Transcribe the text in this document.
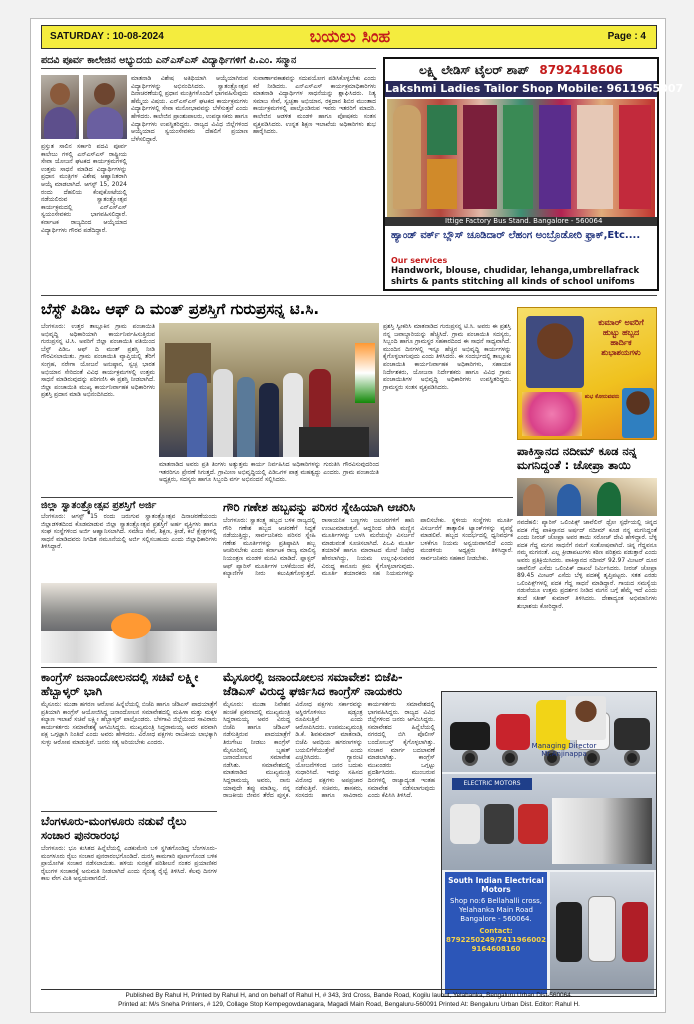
SATURDAY : 10-08-2024	ಬಯಲು ಸಿಂಹ	Page : 4
ಪದವಿ ಪೂರ್ವ ಕಾಲೇಜಿನ ಅಭ್ಯುದಯ ಎನ್‌ಎಸ್‌ಎಸ್‌ ವಿದ್ಯಾರ್ಥಿಗಳಿಗೆ ಪಿ.ಎಂ. ಸನ್ಮಾನ
ಪ್ರಸ್ತುತ ಸಾಲಿನ ಸರ್ಕಾರಿ ಪದವಿ ಪೂರ್ವ ಕಾಲೇಜು ಗಳಲ್ಲಿ ಎನ್‌ಎಸ್‌ಎಸ್‌ ರಾಷ್ಟ್ರೀಯ ಸೇವಾ ಯೋಜನೆ ಘಟಕದ ಕಾರ್ಯಕ್ರಮಗಳಲ್ಲಿ ಉತ್ತಮ ಸಾಧನೆ ಮಾಡಿದ ವಿದ್ಯಾರ್ಥಿಗಳನ್ನು ಪ್ರಧಾನ ಮಂತ್ರಿಗಳ ವಿಶೇಷ ಆಹ್ವಾನಿತರಾಗಿ ಆಯ್ಕೆ ಮಾಡಲಾಗಿದೆ. ಆಗಸ್ಟ್ 15, 2024 ರಂದು ದೆಹಲಿಯ ಕೆಂಪುಕೋಟೆಯಲ್ಲಿ ನಡೆಯಲಿರುವ ಸ್ವಾತಂತ್ರ್ಯೋತ್ಸವ ಕಾರ್ಯಕ್ರಮದಲ್ಲಿ ಎನ್‌ಎಸ್‌ಎಸ್‌ ಸ್ವಯಂಸೇವಕರು ಭಾಗವಹಿಸಲಿದ್ದಾರೆ. ಕರ್ನಾಟಕ ರಾಜ್ಯದಿಂದ ಆಯ್ಕೆಯಾದ ವಿದ್ಯಾರ್ಥಿಗಳು ಗೌರವ ಪಡೆದಿದ್ದಾರೆ.
ಮಾತನಾಡಿ ವಿಶೇಷ ಅತಿಥಿಯಾಗಿ ಆಯ್ಕೆಯಾಗಿರುವ ವಿದ್ಯಾರ್ಥಿಗಳನ್ನು ಅಭಿನಂದಿಸಿದರು. ಸ್ವಾತಂತ್ರ್ಯೋತ್ಸವ ದಿನಾಚರಣೆಯಲ್ಲಿ ಪ್ರಧಾನ ಮಂತ್ರಿಗಳೊಂದಿಗೆ ಭಾಗವಹಿಸುವುದು ಹೆಮ್ಮೆಯ ವಿಷಯ. ಎನ್‌ಎಸ್‌ಎಸ್‌ ಘಟಕದ ಕಾರ್ಯಕ್ರಮಗಳು ವಿದ್ಯಾರ್ಥಿಗಳಲ್ಲಿ ಸೇವಾ ಮನೋಭಾವವನ್ನು ಬೆಳೆಸುತ್ತವೆ ಎಂದು ಹೇಳಿದರು. ಕಾಲೇಜಿನ ಪ್ರಾಂಶುಪಾಲರು, ಉಪನ್ಯಾಸಕರು ಹಾಗೂ ವಿದ್ಯಾರ್ಥಿಗಳು ಉಪಸ್ಥಿತರಿದ್ದರು. ರಾಜ್ಯದ ವಿವಿಧ ಜಿಲ್ಲೆಗಳಿಂದ ಆಯ್ಕೆಯಾದ ಸ್ವಯಂಸೇವಕರು ದೆಹಲಿಗೆ ಪ್ರಯಾಣ ಬೆಳೆಸಲಿದ್ದಾರೆ.
ಸುವಾರ್ಣಾವಕಾಶವನ್ನು ಸದುಪಯೋಗ ಪಡಿಸಿಕೊಳ್ಳಬೇಕು ಎಂದು ಕರೆ ನೀಡಿದರು. ಎನ್‌ಎಸ್‌ಎಸ್‌ ಕಾರ್ಯಕ್ರಮಾಧಿಕಾರಿಗಳು ಮಾತನಾಡಿ ವಿದ್ಯಾರ್ಥಿಗಳ ಸಾಧನೆಯನ್ನು ಶ್ಲಾಘಿಸಿದರು. ನಿತ್ಯ ಸಮಾಜ ಸೇವೆ, ಸ್ವಚ್ಛತಾ ಅಭಿಯಾನ, ರಕ್ತದಾನ ಶಿಬಿರ ಮುಂತಾದ ಕಾರ್ಯಕ್ರಮಗಳಲ್ಲಿ ಪಾಲ್ಗೊಂಡಿರುವ ಇವರು ಇತರರಿಗೆ ಮಾದರಿ. ಕಾಲೇಜಿನ ಆಡಳಿತ ಮಂಡಳಿ ಹಾಗೂ ಪೋಷಕರು ಸಂತಸ ವ್ಯಕ್ತಪಡಿಸಿದರು. ಉನ್ನತ ಶಿಕ್ಷಣ ಇಲಾಖೆಯ ಅಧಿಕಾರಿಗಳು ಶುಭ ಹಾರೈಸಿದರು.
ಲಕ್ಷ್ಮಿ ಲೇಡಿಸ್ ಟೈಲರ್ ಶಾಪ್ 8792418606
Lakshmi Ladies Tailor Shop Mobile: 9611965007
Ittige Factory Bus Stand. Bangalore - 560064
ಹ್ಯಾಂಡ್ ವರ್ಕ್ ಬ್ಲೌಸ್ ಚೂಡಿದಾರ್ ಲೆಹಂಗ ಅಂಬ್ರೊಡೋರಿ ಫ್ರಾಕ್,Etc....
Our services
Handwork, blouse, chudidar, lehanga,umbrellafrack
shirts & pants stitching all kinds of school unifoms
ಬೆಸ್ಟ್ ಪಿಡಿಒ ಆಫ್ ದಿ ಮಂತ್ ಪ್ರಶಸ್ತಿಗೆ ಗುರುಪ್ರಸನ್ನ ಟಿ.ಸಿ.
ಬೆಂಗಳೂರು: ಉತ್ತರ ತಾಲ್ಲೂಕಿನ ಗ್ರಾಮ ಪಂಚಾಯಿತಿ ಅಭಿವೃದ್ಧಿ ಅಧಿಕಾರಿಯಾಗಿ ಕಾರ್ಯನಿರ್ವಹಿಸುತ್ತಿರುವ ಗುರುಪ್ರಸನ್ನ ಟಿ.ಸಿ. ಅವರಿಗೆ ಜಿಲ್ಲಾ ಪಂಚಾಯಿತಿ ವತಿಯಿಂದ ಬೆಸ್ಟ್ ಪಿಡಿಒ ಆಫ್ ದಿ ಮಂತ್ ಪ್ರಶಸ್ತಿ ನೀಡಿ ಗೌರವಿಸಲಾಯಿತು. ಗ್ರಾಮ ಪಂಚಾಯಿತಿ ವ್ಯಾಪ್ತಿಯಲ್ಲಿ ತೆರಿಗೆ ಸಂಗ್ರಹ, ನರೇಗಾ ಯೋಜನೆ ಅನುಷ್ಠಾನ, ಸ್ವಚ್ಛ ಭಾರತ ಅಭಿಯಾನ ಸೇರಿದಂತೆ ವಿವಿಧ ಕಾರ್ಯಕ್ರಮಗಳಲ್ಲಿ ಉತ್ತಮ ಸಾಧನೆ ಮಾಡಿರುವುದನ್ನು ಪರಿಗಣಿಸಿ ಈ ಪ್ರಶಸ್ತಿ ನೀಡಲಾಗಿದೆ. ಜಿಲ್ಲಾ ಪಂಚಾಯಿತಿ ಮುಖ್ಯ ಕಾರ್ಯನಿರ್ವಾಹಕ ಅಧಿಕಾರಿಗಳು ಪ್ರಶಸ್ತಿ ಪ್ರದಾನ ಮಾಡಿ ಅಭಿನಂದಿಸಿದರು.
ಮಾತನಾಡಿದ ಅವರು ಪ್ರತಿ ತಿಂಗಳು ಅತ್ಯುತ್ತಮ ಕಾರ್ಯ ನಿರ್ವಹಿಸಿದ ಅಧಿಕಾರಿಗಳನ್ನು ಗುರುತಿಸಿ ಗೌರವಿಸುವುದರಿಂದ ಇತರರಿಗೂ ಪ್ರೇರಣೆ ಸಿಗುತ್ತದೆ. ಗ್ರಾಮೀಣ ಅಭಿವೃದ್ಧಿಯಲ್ಲಿ ಪಿಡಿಒಗಳ ಪಾತ್ರ ಮಹತ್ವದ್ದು ಎಂದರು. ಗ್ರಾಮ ಪಂಚಾಯಿತಿ ಅಧ್ಯಕ್ಷರು, ಸದಸ್ಯರು ಹಾಗೂ ಸಿಬ್ಬಂದಿ ವರ್ಗ ಅಭಿನಂದನೆ ಸಲ್ಲಿಸಿದರು.
ಪ್ರಶಸ್ತಿ ಸ್ವೀಕರಿಸಿ ಮಾತನಾಡಿದ ಗುರುಪ್ರಸನ್ನ ಟಿ.ಸಿ. ಅವರು ಈ ಪ್ರಶಸ್ತಿ ನನ್ನ ಜವಾಬ್ದಾರಿಯನ್ನು ಹೆಚ್ಚಿಸಿದೆ. ಗ್ರಾಮ ಪಂಚಾಯಿತಿ ಸದಸ್ಯರು, ಸಿಬ್ಬಂದಿ ಹಾಗೂ ಗ್ರಾಮಸ್ಥರ ಸಹಕಾರದಿಂದ ಈ ಸಾಧನೆ ಸಾಧ್ಯವಾಗಿದೆ. ಮುಂದಿನ ದಿನಗಳಲ್ಲಿ ಇನ್ನೂ ಹೆಚ್ಚಿನ ಅಭಿವೃದ್ಧಿ ಕಾರ್ಯಗಳನ್ನು ಕೈಗೊಳ್ಳಲಾಗುವುದು ಎಂದು ತಿಳಿಸಿದರು. ಈ ಸಂದರ್ಭದಲ್ಲಿ ತಾಲ್ಲೂಕು ಪಂಚಾಯಿತಿ ಕಾರ್ಯನಿರ್ವಾಹಕ ಅಧಿಕಾರಿಗಳು, ಸಹಾಯಕ ನಿರ್ದೇಶಕರು, ಯೋಜನಾ ನಿರ್ದೇಶಕರು ಹಾಗೂ ವಿವಿಧ ಗ್ರಾಮ ಪಂಚಾಯಿತಿಗಳ ಅಭಿವೃದ್ಧಿ ಅಧಿಕಾರಿಗಳು ಉಪಸ್ಥಿತರಿದ್ದರು. ಗ್ರಾಮಸ್ಥರು ಸಂತಸ ವ್ಯಕ್ತಪಡಿಸಿದರು.
ಕುಮಾರ್ ಅವರಿಗೆ
ಹುಟ್ಟು ಹಬ್ಬದ
ಹಾರ್ದಿಕ
ಶುಭಾಶಯಗಳು
ಶುಭ ಕೋರುವವರು
ಪಾಕಿಸ್ತಾನದ ನದೀಮ್ ಕೂಡ ನನ್ನ ಮಗನಿದ್ದಂತೆ : ಚೋಪ್ರಾ ತಾಯಿ
ನವದೆಹಲಿ: ಪ್ಯಾರಿಸ್ ಒಲಿಂಪಿಕ್ಸ್ ಜಾವೆಲಿನ್ ಥ್ರೋ ಸ್ಪರ್ಧೆಯಲ್ಲಿ ಚಿನ್ನದ ಪದಕ ಗೆದ್ದ ಪಾಕಿಸ್ತಾನದ ಅರ್ಷದ್ ನದೀಮ್ ಕೂಡ ನನ್ನ ಮಗನಿದ್ದಂತೆ ಎಂದು ನೀರಜ್ ಚೋಪ್ರಾ ಅವರ ತಾಯಿ ಸರೋಜ್ ದೇವಿ ಹೇಳಿದ್ದಾರೆ. ಬೆಳ್ಳಿ ಪದಕ ಗೆದ್ದ ಮಗನ ಸಾಧನೆಗೆ ನಮಗೆ ಸಂತೋಷವಾಗಿದೆ. ಚಿನ್ನ ಗೆದ್ದವನೂ ನಮ್ಮ ಮಗನಂತೆ. ಎಲ್ಲ ಕ್ರೀಡಾಪಟುಗಳು ಕಠಿಣ ಪರಿಶ್ರಮ ಪಡುತ್ತಾರೆ ಎಂದು ಅವರು ಪ್ರತಿಕ್ರಿಯಿಸಿದರು. ಪಾಕಿಸ್ತಾನದ ನದೀಮ್ 92.97 ಮೀಟರ್ ದೂರ ಜಾವೆಲಿನ್ ಎಸೆದು ಒಲಿಂಪಿಕ್ ದಾಖಲೆ ನಿರ್ಮಿಸಿದರು. ನೀರಜ್ ಚೋಪ್ರಾ 89.45 ಮೀಟರ್ ಎಸೆದು ಬೆಳ್ಳಿ ಪದಕಕ್ಕೆ ತೃಪ್ತಿಪಟ್ಟರು. ಸತತ ಎರಡು ಒಲಿಂಪಿಕ್ಸ್‌ಗಳಲ್ಲಿ ಪದಕ ಗೆದ್ದ ಸಾಧನೆ ಮಾಡಿದ್ದಾರೆ. ಗಾಯದ ಸಮಸ್ಯೆಯ ನಡುವೆಯೂ ಉತ್ತಮ ಪ್ರದರ್ಶನ ನೀಡಿದ ಮಗನ ಬಗ್ಗೆ ಹೆಮ್ಮೆ ಇದೆ ಎಂದು ತಂದೆ ಸತೀಶ್ ಕುಮಾರ್ ತಿಳಿಸಿದರು. ದೇಶಾದ್ಯಂತ ಅಭಿಮಾನಿಗಳು ಶುಭಾಶಯ ಕೋರಿದ್ದಾರೆ.
ಜಿಲ್ಲಾ ಸ್ವಾತಂತ್ರ್ಯೋತ್ಸವ ಪ್ರಶಸ್ತಿಗೆ ಅರ್ಜಿ
ಬೆಂಗಳೂರು: ಆಗಸ್ಟ್ 15 ರಂದು ಜರುಗುವ ಸ್ವಾತಂತ್ರ್ಯೋತ್ಸವ ದಿನಾಚರಣೆಯಂದು ಜಿಲ್ಲಾಡಳಿತದಿಂದ ಕೊಡಮಾಡುವ ಜಿಲ್ಲಾ ಸ್ವಾತಂತ್ರ್ಯೋತ್ಸವ ಪ್ರಶಸ್ತಿಗೆ ಅರ್ಹ ವ್ಯಕ್ತಿಗಳು ಹಾಗೂ ಸಂಘ ಸಂಸ್ಥೆಗಳಿಂದ ಅರ್ಜಿ ಆಹ್ವಾನಿಸಲಾಗಿದೆ. ಸಮಾಜ ಸೇವೆ, ಶಿಕ್ಷಣ, ಕ್ರೀಡೆ, ಕಲೆ ಕ್ಷೇತ್ರಗಳಲ್ಲಿ ಸಾಧನೆ ಮಾಡಿದವರು ನಿಗದಿತ ನಮೂನೆಯಲ್ಲಿ ಅರ್ಜಿ ಸಲ್ಲಿಸಬಹುದು ಎಂದು ಜಿಲ್ಲಾಧಿಕಾರಿಗಳು ತಿಳಿಸಿದ್ದಾರೆ.
ಗೌರಿ ಗಣೇಶ ಹಬ್ಬವನ್ನು ಪರಿಸರ ಸ್ನೇಹಿಯಾಗಿ ಆಚರಿಸಿ
ಬೆಂಗಳೂರು: ಸ್ವಾತಂತ್ರ್ಯ ಹಬ್ಬದ ಬಳಿಕ ರಾಜ್ಯದಲ್ಲಿ ಗೌರಿ ಗಣೇಶ ಹಬ್ಬದ ಆಚರಣೆಗೆ ಸಿದ್ಧತೆ ನಡೆಯುತ್ತಿದ್ದು, ಸಾರ್ವಜನಿಕರು ಪರಿಸರ ಸ್ನೇಹಿ ಗಣೇಶ ಮೂರ್ತಿಗಳನ್ನು ಪ್ರತಿಷ್ಠಾಪಿಸಿ ಹಬ್ಬ ಆಚರಿಸಬೇಕು ಎಂದು ಕರ್ನಾಟಕ ರಾಜ್ಯ ಮಾಲಿನ್ಯ ನಿಯಂತ್ರಣ ಮಂಡಳಿ ಮನವಿ ಮಾಡಿದೆ. ಪ್ಲಾಸ್ಟರ್ ಆಫ್ ಪ್ಯಾರಿಸ್ ಮೂರ್ತಿಗಳ ಬಳಕೆಯಿಂದ ಕೆರೆ, ಕಲ್ಯಾಣಿಗಳ ನೀರು ಕಲುಷಿತಗೊಳ್ಳುತ್ತದೆ. ರಾಸಾಯನಿಕ ಬಣ್ಣಗಳು ಜಲಚರಗಳಿಗೆ ಹಾನಿ ಉಂಟುಮಾಡುತ್ತವೆ. ಆದ್ದರಿಂದ ಜೇಡಿ ಮಣ್ಣಿನ ಮೂರ್ತಿಗಳನ್ನು ಬಳಸಿ ಮನೆಯಲ್ಲೇ ವಿಸರ್ಜನೆ ಮಾಡುವಂತೆ ಸೂಚಿಸಲಾಗಿದೆ. ಪಿಒಪಿ ಮೂರ್ತಿ ತಯಾರಿಕೆ ಹಾಗೂ ಮಾರಾಟದ ಮೇಲೆ ನಿಷೇಧ ಹೇರಲಾಗಿದ್ದು, ನಿಯಮ ಉಲ್ಲಂಘಿಸುವವರ ವಿರುದ್ಧ ಕಾನೂನು ಕ್ರಮ ಕೈಗೊಳ್ಳಲಾಗುವುದು. ಮೂರ್ತಿ ತಯಾರಕರು ಸಹ ನಿಯಮಗಳನ್ನು ಪಾಲಿಸಬೇಕು. ಸ್ಥಳೀಯ ಸಂಸ್ಥೆಗಳು ಮೂರ್ತಿ ವಿಸರ್ಜನೆಗೆ ತಾತ್ಕಾಲಿಕ ಟ್ಯಾಂಕ್‌ಗಳನ್ನು ವ್ಯವಸ್ಥೆ ಮಾಡಲಿವೆ. ಹಬ್ಬದ ಸಂದರ್ಭದಲ್ಲಿ ಧ್ವನಿವರ್ಧಕ ಬಳಕೆಗೂ ನಿಯಮ ಅನ್ವಯವಾಗಲಿದೆ ಎಂದು ಮಂಡಳಿಯ ಅಧ್ಯಕ್ಷರು ತಿಳಿಸಿದ್ದಾರೆ. ಸಾರ್ವಜನಿಕರು ಸಹಕಾರ ನೀಡಬೇಕು.
ಕಾಂಗ್ರೆಸ್ ಜನಾಂದೋಲನದಲ್ಲಿ ಸಚಿವೆ ಲಕ್ಷ್ಮೀ ಹೆಬ್ಬಾಳ್ಕರ್ ಭಾಗಿ
ಮೈಸೂರು: ಮುಡಾ ಹಗರಣ ಆರೋಪ ಹಿನ್ನೆಲೆಯಲ್ಲಿ ಬಿಜೆಪಿ ಹಾಗೂ ಜೆಡಿಎಸ್ ಪಾದಯಾತ್ರೆಗೆ ಪ್ರತಿಯಾಗಿ ಕಾಂಗ್ರೆಸ್ ಆಯೋಜಿಸಿದ್ದ ಜನಾಂದೋಲನ ಸಮಾವೇಶದಲ್ಲಿ ಮಹಿಳಾ ಮತ್ತು ಮಕ್ಕಳ ಕಲ್ಯಾಣ ಇಲಾಖೆ ಸಚಿವೆ ಲಕ್ಷ್ಮೀ ಹೆಬ್ಬಾಳ್ಕರ್ ಪಾಲ್ಗೊಂಡರು. ಬೆಳಗಾವಿ ಜಿಲ್ಲೆಯಿಂದ ಸಾವಿರಾರು ಕಾರ್ಯಕರ್ತರು ಸಮಾವೇಶಕ್ಕೆ ಆಗಮಿಸಿದ್ದರು. ಮುಖ್ಯಮಂತ್ರಿ ಸಿದ್ದರಾಮಯ್ಯ ಅವರ ಪರವಾಗಿ ಪಕ್ಷ ಒಗ್ಗಟ್ಟಾಗಿ ನಿಂತಿದೆ ಎಂದು ಅವರು ಹೇಳಿದರು. ವಿರೋಧ ಪಕ್ಷಗಳು ರಾಜಕೀಯ ಲಾಭಕ್ಕಾಗಿ ಸುಳ್ಳು ಆರೋಪ ಮಾಡುತ್ತಿವೆ. ಜನರು ಸತ್ಯ ಅರಿಯಬೇಕು ಎಂದರು.
ಬೆಂಗಳೂರು-ಮಂಗಳೂರು ನಡುವೆ ರೈಲು ಸಂಚಾರ ಪುನರಾರಂಭ
ಬೆಂಗಳೂರು: ಭೂ ಕುಸಿತದ ಹಿನ್ನೆಲೆಯಲ್ಲಿ ಎಡಕುಮೇರಿ ಬಳಿ ಸ್ಥಗಿತಗೊಂಡಿದ್ದ ಬೆಂಗಳೂರು-ಮಂಗಳೂರು ರೈಲು ಸಂಚಾರ ಪುನರಾರಂಭಗೊಂಡಿದೆ. ದುರಸ್ತಿ ಕಾಮಗಾರಿ ಪೂರ್ಣಗೊಂಡ ಬಳಿಕ ಪ್ರಾಯೋಗಿಕ ಸಂಚಾರ ನಡೆಸಲಾಯಿತು. ಹಳಿಯ ಸುರಕ್ಷತೆ ಪರಿಶೀಲನೆ ನಂತರ ಪ್ರಯಾಣಿಕರ ರೈಲುಗಳ ಸಂಚಾರಕ್ಕೆ ಅನುಮತಿ ನೀಡಲಾಗಿದೆ ಎಂದು ನೈರುತ್ಯ ರೈಲ್ವೆ ತಿಳಿಸಿದೆ. ಕೆಲವು ದಿನಗಳ ಕಾಲ ವೇಗ ಮಿತಿ ಅನ್ವಯವಾಗಲಿದೆ.
ಮೈಸೂರಲ್ಲಿ ಜನಾಂದೋಲನ ಸಮಾವೇಶ: ಬಿಜೆಪಿ-ಜೆಡಿಎಸ್ ವಿರುದ್ಧ ಘರ್ಜಿಸಿದ ಕಾಂಗ್ರೆಸ್ ನಾಯಕರು
ಮೈಸೂರು: ಮುಡಾ ನಿವೇಶನ ಹಂಚಿಕೆ ಪ್ರಕರಣದಲ್ಲಿ ಮುಖ್ಯಮಂತ್ರಿ ಸಿದ್ದರಾಮಯ್ಯ ಅವರ ವಿರುದ್ಧ ಬಿಜೆಪಿ ಹಾಗೂ ಜೆಡಿಎಸ್ ನಡೆಸುತ್ತಿರುವ ಪಾದಯಾತ್ರೆಗೆ ತಿರುಗೇಟು ನೀಡಲು ಕಾಂಗ್ರೆಸ್ ಮೈಸೂರಿನಲ್ಲಿ ಬೃಹತ್ ಜನಾಂದೋಲನ ಸಮಾವೇಶ ನಡೆಸಿತು. ಸಮಾವೇಶದಲ್ಲಿ ಮಾತನಾಡಿದ ಮುಖ್ಯಮಂತ್ರಿ ಸಿದ್ದರಾಮಯ್ಯ ಅವರು, ನಾನು ಯಾವುದೇ ತಪ್ಪು ಮಾಡಿಲ್ಲ. ನನ್ನ ರಾಜಕೀಯ ಜೀವನ ತೆರೆದ ಪುಸ್ತಕ. ವಿರೋಧ ಪಕ್ಷಗಳು ಸರ್ಕಾರವನ್ನು ಅಸ್ಥಿರಗೊಳಿಸಲು ಷಡ್ಯಂತ್ರ ರೂಪಿಸುತ್ತಿವೆ ಎಂದು ಆರೋಪಿಸಿದರು. ಉಪಮುಖ್ಯಮಂತ್ರಿ ಡಿ.ಕೆ. ಶಿವಕುಮಾರ್ ಮಾತನಾಡಿ, ಬಿಜೆಪಿ ಅವಧಿಯ ಹಗರಣಗಳನ್ನು ಬಯಲಿಗೆಳೆಯುತ್ತೇವೆ ಎಂದು ಎಚ್ಚರಿಸಿದರು. ಗ್ಯಾರಂಟಿ ಯೋಜನೆಗಳಿಂದ ಜನರ ಬದುಕು ಸುಧಾರಿಸಿದೆ. ಇದನ್ನು ಸಹಿಸದ ವಿರೋಧ ಪಕ್ಷಗಳು ಅಪಪ್ರಚಾರ ನಡೆಸುತ್ತಿವೆ. ಸಚಿವರು, ಶಾಸಕರು, ಸಂಸದರು ಹಾಗೂ ಸಾವಿರಾರು ಕಾರ್ಯಕರ್ತರು ಸಮಾವೇಶದಲ್ಲಿ ಭಾಗವಹಿಸಿದ್ದರು. ರಾಜ್ಯದ ವಿವಿಧ ಜಿಲ್ಲೆಗಳಿಂದ ಜನರು ಆಗಮಿಸಿದ್ದರು. ಸಮಾವೇಶದ ಹಿನ್ನೆಲೆಯಲ್ಲಿ ನಗರದಲ್ಲಿ ಬಿಗಿ ಪೊಲೀಸ್ ಬಂದೋಬಸ್ತ್ ಕೈಗೊಳ್ಳಲಾಗಿತ್ತು. ಸಂಚಾರ ಮಾರ್ಗ ಬದಲಾವಣೆ ಮಾಡಲಾಗಿತ್ತು. ಕಾಂಗ್ರೆಸ್ ಮುಖಂಡರು ಒಗ್ಗಟ್ಟು ಪ್ರದರ್ಶಿಸಿದರು. ಮುಂಬರುವ ದಿನಗಳಲ್ಲಿ ರಾಜ್ಯಾದ್ಯಂತ ಇಂತಹ ಸಮಾವೇಶ ನಡೆಸಲಾಗುವುದು ಎಂದು ಕೆಪಿಸಿಸಿ ತಿಳಿಸಿದೆ.
Managing Director
Mr.Anjinappa
ELECTRIC MOTORS
South Indian Electrical Motors
Shop no:6 Bellahalli cross, Yelahanka Main Road Bangalore - 560064.
Contact:
8792250249/7411966002
9164608160
Published By Rahul H, Printed by Rahul H, and on behalf of Rahul H, # 343, 3rd Cross, Bande Road, Kogilu lauout, Yelahanka, Bengaluru Urban Dist-560064.
Printed at: M/s Sneha Printers, # 129, Collage Stop Kempegowdanagara, Magadi Main Road, Bengaluru-560091 Printed At: Bengaluru Urban Dist. Editor: Rahul H.
